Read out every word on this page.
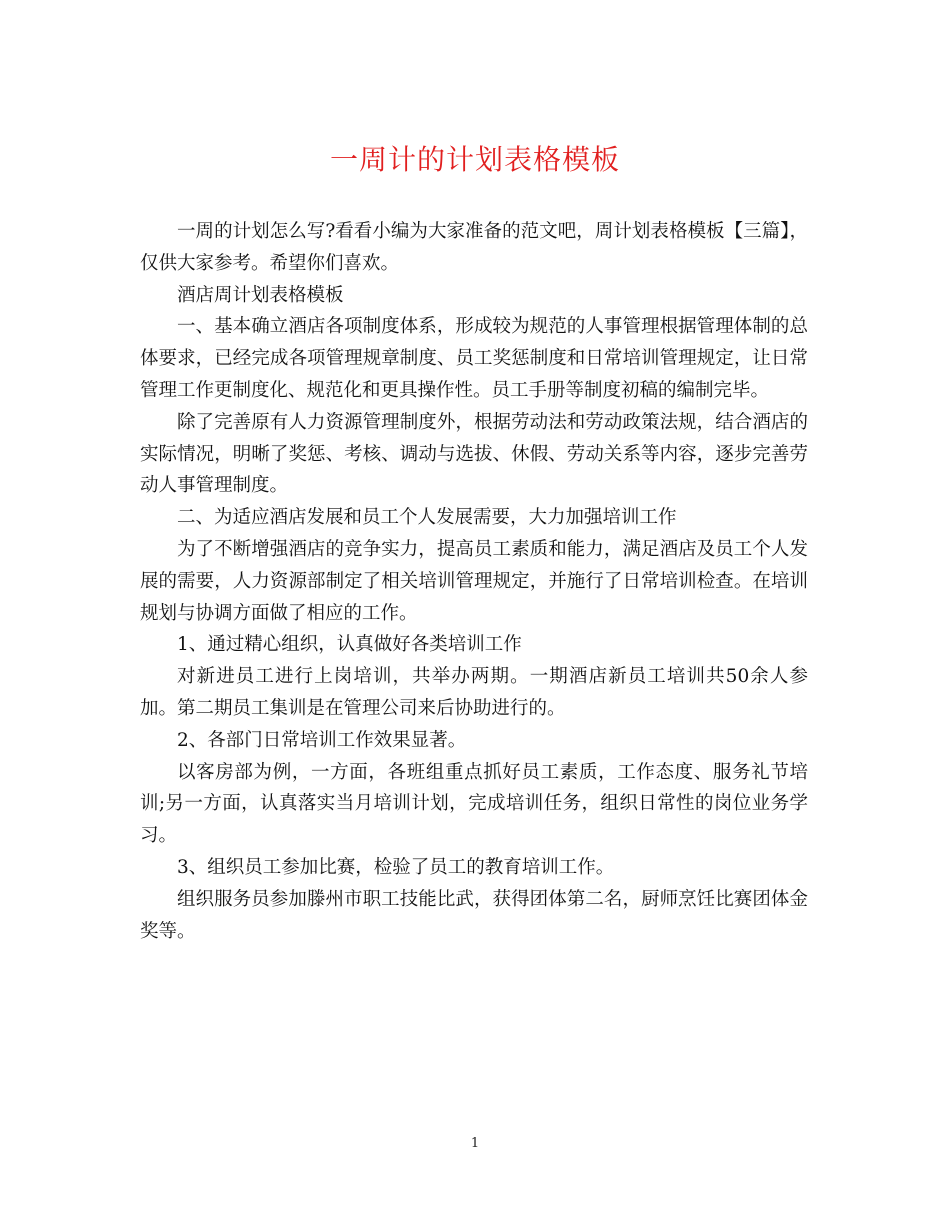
一周计的计划表格模板

一周的计划怎么写?看看小编为大家准备的范文吧，周计划表格模板【三篇】，仅供大家参考。希望你们喜欢。

酒店周计划表格模板

一、基本确立酒店各项制度体系，形成较为规范的人事管理根据管理体制的总体要求，已经完成各项管理规章制度、员工奖惩制度和日常培训管理规定，让日常管理工作更制度化、规范化和更具操作性。员工手册等制度初稿的编制完毕。

除了完善原有人力资源管理制度外，根据劳动法和劳动政策法规，结合酒店的实际情况，明晰了奖惩、考核、调动与选拔、休假、劳动关系等内容，逐步完善劳动人事管理制度。

二、为适应酒店发展和员工个人发展需要，大力加强培训工作

为了不断增强酒店的竞争实力，提高员工素质和能力，满足酒店及员工个人发展的需要，人力资源部制定了相关培训管理规定，并施行了日常培训检查。在培训规划与协调方面做了相应的工作。

1、通过精心组织，认真做好各类培训工作

对新进员工进行上岗培训，共举办两期。一期酒店新员工培训共50余人参加。第二期员工集训是在管理公司来后协助进行的。

2、各部门日常培训工作效果显著。

以客房部为例，一方面，各班组重点抓好员工素质，工作态度、服务礼节培训;另一方面，认真落实当月培训计划，完成培训任务，组织日常性的岗位业务学习。

3、组织员工参加比赛，检验了员工的教育培训工作。

组织服务员参加滕州市职工技能比武，获得团体第二名，厨师烹饪比赛团体金奖等。

1
